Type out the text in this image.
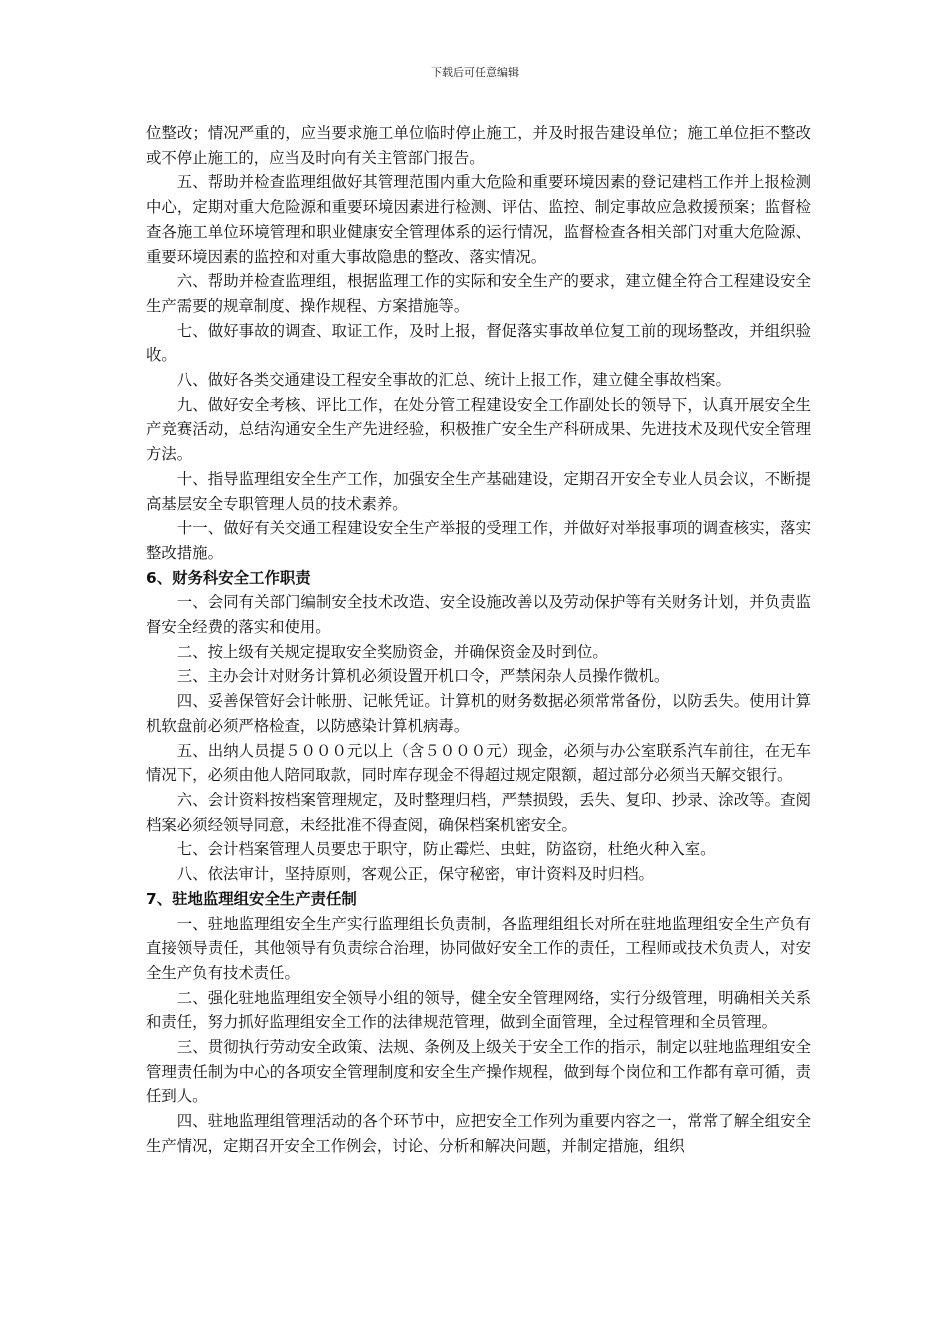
下载后可任意编辑

位整改；情况严重的，应当要求施工单位临时停止施工，并及时报告建设单位；施工单位拒不整改或不停止施工的，应当及时向有关主管部门报告。

五、帮助并检查监理组做好其管理范围内重大危险和重要环境因素的登记建档工作并上报检测中心，定期对重大危险源和重要环境因素进行检测、评估、监控、制定事故应急救援预案；监督检查各施工单位环境管理和职业健康安全管理体系的运行情况，监督检查各相关部门对重大危险源、重要环境因素的监控和对重大事故隐患的整改、落实情况。

六、帮助并检查监理组，根据监理工作的实际和安全生产的要求，建立健全符合工程建设安全生产需要的规章制度、操作规程、方案措施等。

七、做好事故的调查、取证工作，及时上报，督促落实事故单位复工前的现场整改，并组织验收。

八、做好各类交通建设工程安全事故的汇总、统计上报工作，建立健全事故档案。

九、做好安全考核、评比工作，在处分管工程建设安全工作副处长的领导下，认真开展安全生产竞赛活动，总结沟通安全生产先进经验，积极推广安全生产科研成果、先进技术及现代安全管理方法。

十、指导监理组安全生产工作，加强安全生产基础建设，定期召开安全专业人员会议，不断提高基层安全专职管理人员的技术素养。

十一、做好有关交通工程建设安全生产举报的受理工作，并做好对举报事项的调查核实，落实整改措施。

6、财务科安全工作职责

一、会同有关部门编制安全技术改造、安全设施改善以及劳动保护等有关财务计划，并负责监督安全经费的落实和使用。

二、按上级有关规定提取安全奖励资金，并确保资金及时到位。

三、主办会计对财务计算机必须设置开机口令，严禁闲杂人员操作微机。

四、妥善保管好会计帐册、记帐凭证。计算机的财务数据必须常常备份，以防丢失。使用计算机软盘前必须严格检查，以防感染计算机病毒。

五、出纳人员提５０００元以上（含５０００元）现金，必须与办公室联系汽车前往，在无车情况下，必须由他人陪同取款，同时库存现金不得超过规定限额，超过部分必须当天解交银行。

六、会计资料按档案管理规定，及时整理归档，严禁损毁，丢失、复印、抄录、涂改等。查阅档案必须经领导同意，未经批准不得查阅，确保档案机密安全。

七、会计档案管理人员要忠于职守，防止霉烂、虫蛀，防盗窃，杜绝火种入室。

八、依法审计，坚持原则，客观公正，保守秘密，审计资料及时归档。

7、驻地监理组安全生产责任制

一、驻地监理组安全生产实行监理组长负责制，各监理组组长对所在驻地监理组安全生产负有直接领导责任，其他领导有负责综合治理，协同做好安全工作的责任，工程师或技术负责人，对安全生产负有技术责任。

二、强化驻地监理组安全领导小组的领导，健全安全管理网络，实行分级管理，明确相关关系和责任，努力抓好监理组安全工作的法律规范管理，做到全面管理，全过程管理和全员管理。

三、贯彻执行劳动安全政策、法规、条例及上级关于安全工作的指示，制定以驻地监理组安全管理责任制为中心的各项安全管理制度和安全生产操作规程，做到每个岗位和工作都有章可循，责任到人。

四、驻地监理组管理活动的各个环节中，应把安全工作列为重要内容之一，常常了解全组安全生产情况，定期召开安全工作例会，讨论、分析和解决问题，并制定措施，组织
